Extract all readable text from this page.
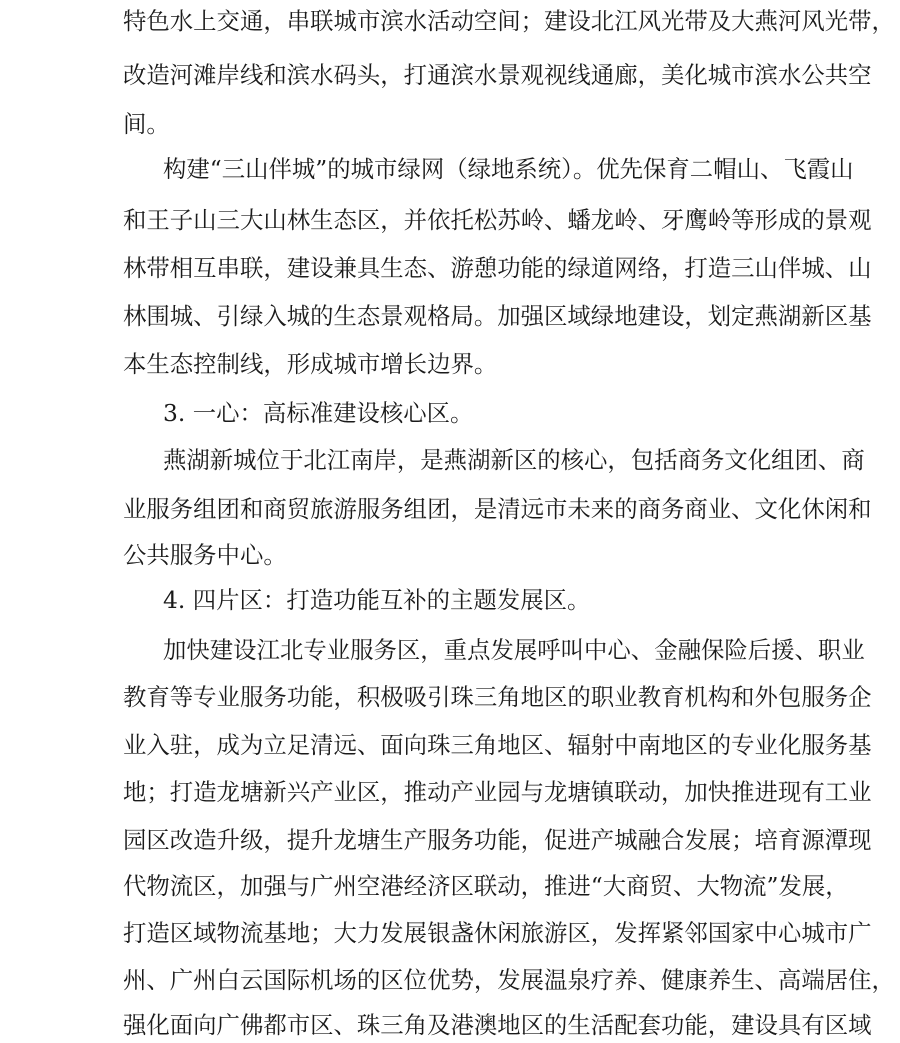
特色水上交通，串联城市滨水活动空间；建设北江风光带及大燕河风光带，
改造河滩岸线和滨水码头，打通滨水景观视线通廊，美化城市滨水公共空
间。
构建“三山伴城”的城市绿网（绿地系统）。优先保育二帽山、飞霞山
和王子山三大山林生态区，并依托松苏岭、蟠龙岭、牙鹰岭等形成的景观
林带相互串联，建设兼具生态、游憩功能的绿道网络，打造三山伴城、山
林围城、引绿入城的生态景观格局。加强区域绿地建设，划定燕湖新区基
本生态控制线，形成城市增长边界。
3. 一心：高标准建设核心区。
燕湖新城位于北江南岸，是燕湖新区的核心，包括商务文化组团、商
业服务组团和商贸旅游服务组团，是清远市未来的商务商业、文化休闲和
公共服务中心。
4. 四片区：打造功能互补的主题发展区。
加快建设江北专业服务区，重点发展呼叫中心、金融保险后援、职业
教育等专业服务功能，积极吸引珠三角地区的职业教育机构和外包服务企
业入驻，成为立足清远、面向珠三角地区、辐射中南地区的专业化服务基
地；打造龙塘新兴产业区，推动产业园与龙塘镇联动，加快推进现有工业
园区改造升级，提升龙塘生产服务功能，促进产城融合发展；培育源潭现
代物流区，加强与广州空港经济区联动，推进“大商贸、大物流”发展，
打造区域物流基地；大力发展银盏休闲旅游区，发挥紧邻国家中心城市广
州、广州白云国际机场的区位优势，发展温泉疗养、健康养生、高端居住，
强化面向广佛都市区、珠三角及港澳地区的生活配套功能，建设具有区域
